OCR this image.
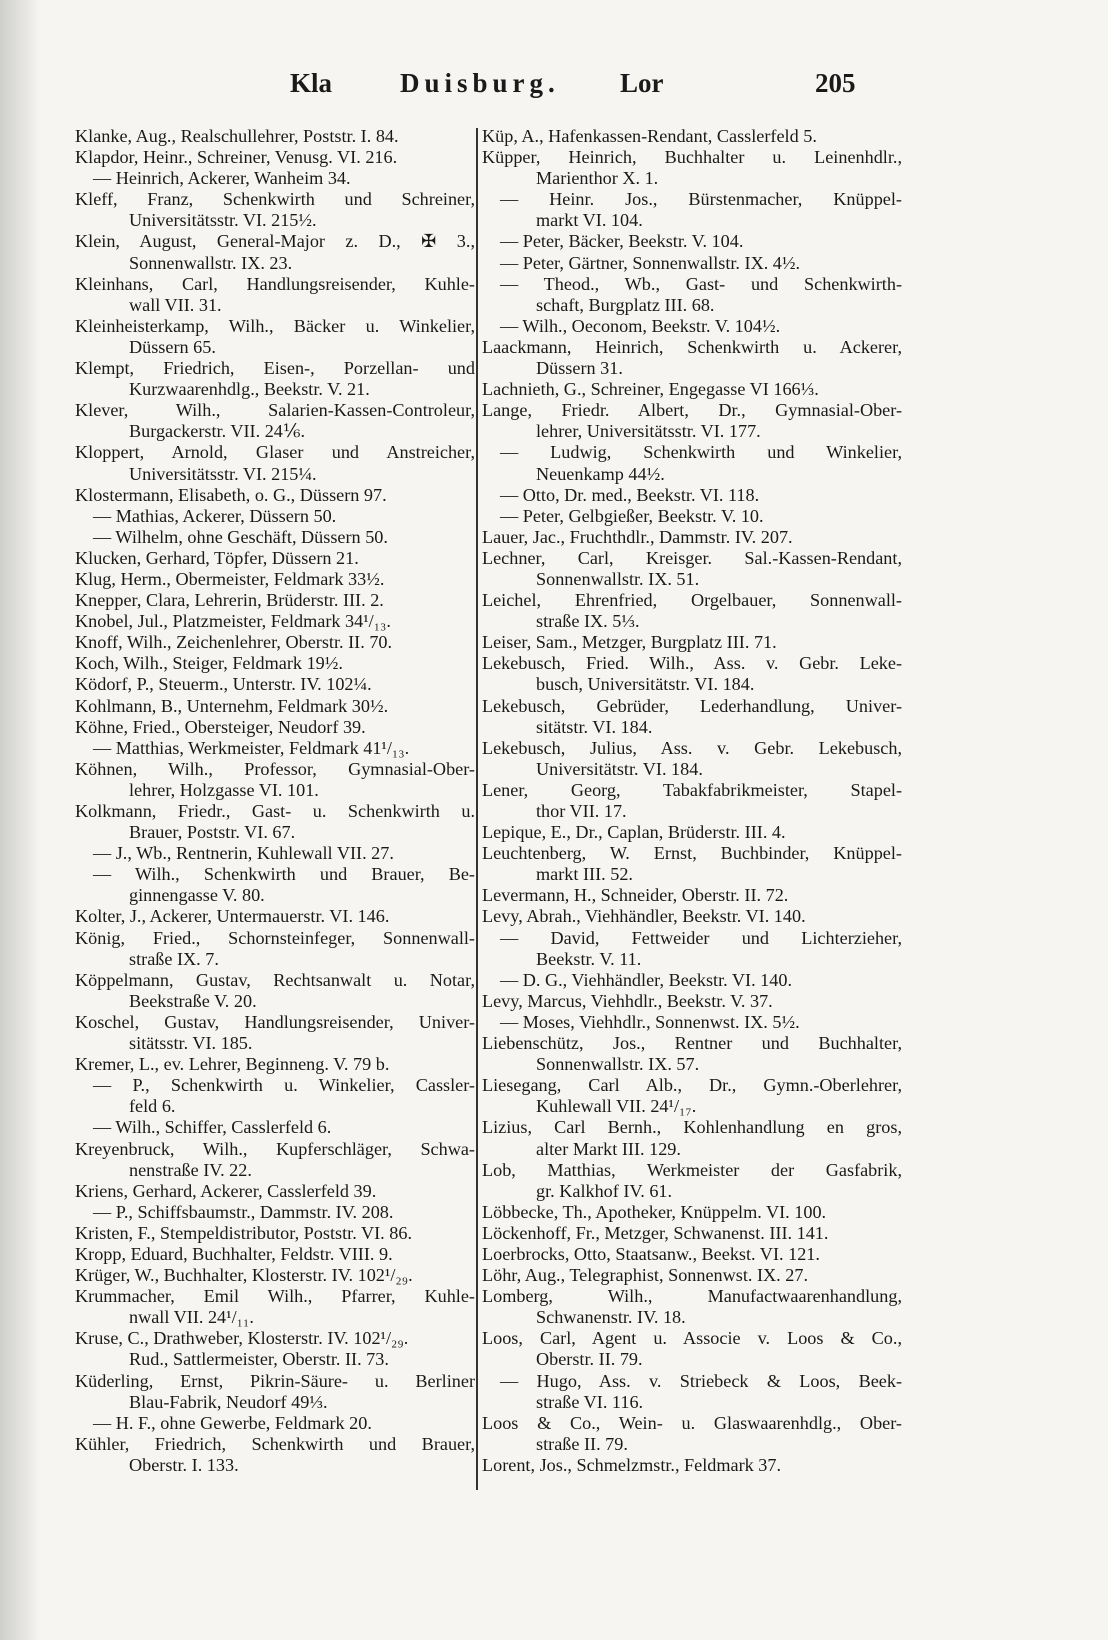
Kla	Duisburg. Lor	205
Klanke, Aug., Realschullehrer, Poststr. I. 84.
Klapdor, Heinr., Schreiner, Venusg. VI. 216.
— Heinrich, Ackerer, Wanheim 34.
Kleff, Franz, Schenkwirth und Schreiner,
Universitätsstr. VI. 215½.
Klein, August, General-Major z. D., ✠ 3.,
Sonnenwallstr. IX. 23.
Kleinhans, Carl, Handlungsreisender, Kuhle-
wall VII. 31.
Kleinheisterkamp, Wilh., Bäcker u. Winkelier,
Düssern 65.
Klempt, Friedrich, Eisen-, Porzellan- und
Kurzwaarenhdlg., Beekstr. V. 21.
Klever, Wilh., Salarien-Kassen-Controleur,
Burgackerstr. VII. 24⅙.
Kloppert, Arnold, Glaser und Anstreicher,
Universitätsstr. VI. 215¼.
Klostermann, Elisabeth, o. G., Düssern 97.
— Mathias, Ackerer, Düssern 50.
— Wilhelm, ohne Geschäft, Düssern 50.
Klucken, Gerhard, Töpfer, Düssern 21.
Klug, Herm., Obermeister, Feldmark 33½.
Knepper, Clara, Lehrerin, Brüderstr. III. 2.
Knobel, Jul., Platzmeister, Feldmark 34¹/₁₃.
Knoff, Wilh., Zeichenlehrer, Oberstr. II. 70.
Koch, Wilh., Steiger, Feldmark 19½.
Ködorf, P., Steuerm., Unterstr. IV. 102¼.
Kohlmann, B., Unternehm, Feldmark 30½.
Köhne, Fried., Obersteiger, Neudorf 39.
— Matthias, Werkmeister, Feldmark 41¹/₁₃.
Köhnen, Wilh., Professor, Gymnasial-Ober-
lehrer, Holzgasse VI. 101.
Kolkmann, Friedr., Gast- u. Schenkwirth u.
Brauer, Poststr. VI. 67.
— J., Wb., Rentnerin, Kuhlewall VII. 27.
— Wilh., Schenkwirth und Brauer, Be-
ginnengasse V. 80.
Kolter, J., Ackerer, Untermauerstr. VI. 146.
König, Fried., Schornsteinfeger, Sonnenwall-
straße IX. 7.
Köppelmann, Gustav, Rechtsanwalt u. Notar,
Beekstraße V. 20.
Koschel, Gustav, Handlungsreisender, Univer-
sitätsstr. VI. 185.
Kremer, L., ev. Lehrer, Beginneng. V. 79 b.
— P., Schenkwirth u. Winkelier, Cassler-
feld 6.
— Wilh., Schiffer, Casslerfeld 6.
Kreyenbruck, Wilh., Kupferschläger, Schwa-
nenstraße IV. 22.
Kriens, Gerhard, Ackerer, Casslerfeld 39.
— P., Schiffsbaumstr., Dammstr. IV. 208.
Kristen, F., Stempeldistributor, Poststr. VI. 86.
Kropp, Eduard, Buchhalter, Feldstr. VIII. 9.
Krüger, W., Buchhalter, Klosterstr. IV. 102¹/₂₉.
Krummacher, Emil Wilh., Pfarrer, Kuhle-
nwall VII. 24¹/₁₁.
Kruse, C., Drathweber, Klosterstr. IV. 102¹/₂₉.
Rud., Sattlermeister, Oberstr. II. 73.
Küderling, Ernst, Pikrin-Säure- u. Berliner
Blau-Fabrik, Neudorf 49⅓.
— H. F., ohne Gewerbe, Feldmark 20.
Kühler, Friedrich, Schenkwirth und Brauer,
Oberstr. I. 133.
Küp, A., Hafenkassen-Rendant, Casslerfeld 5.
Küpper, Heinrich, Buchhalter u. Leinenhdlr.,
Marienthor X. 1.
— Heinr. Jos., Bürstenmacher, Knüppel-
markt VI. 104.
— Peter, Bäcker, Beekstr. V. 104.
— Peter, Gärtner, Sonnenwallstr. IX. 4½.
— Theod., Wb., Gast- und Schenkwirth-
schaft, Burgplatz III. 68.
— Wilh., Oeconom, Beekstr. V. 104½.
Laackmann, Heinrich, Schenkwirth u. Ackerer,
Düssern 31.
Lachnieth, G., Schreiner, Engegasse VI 166⅓.
Lange, Friedr. Albert, Dr., Gymnasial-Ober-
lehrer, Universitätsstr. VI. 177.
— Ludwig, Schenkwirth und Winkelier,
Neuenkamp 44½.
— Otto, Dr. med., Beekstr. VI. 118.
— Peter, Gelbgießer, Beekstr. V. 10.
Lauer, Jac., Fruchthdlr., Dammstr. IV. 207.
Lechner, Carl, Kreisger. Sal.-Kassen-Rendant,
Sonnenwallstr. IX. 51.
Leichel, Ehrenfried, Orgelbauer, Sonnenwall-
straße IX. 5⅓.
Leiser, Sam., Metzger, Burgplatz III. 71.
Lekebusch, Fried. Wilh., Ass. v. Gebr. Leke-
busch, Universitätstr. VI. 184.
Lekebusch, Gebrüder, Lederhandlung, Univer-
sitätstr. VI. 184.
Lekebusch, Julius, Ass. v. Gebr. Lekebusch,
Universitätstr. VI. 184.
Lener, Georg, Tabakfabrikmeister, Stapel-
thor VII. 17.
Lepique, E., Dr., Caplan, Brüderstr. III. 4.
Leuchtenberg, W. Ernst, Buchbinder, Knüppel-
markt III. 52.
Levermann, H., Schneider, Oberstr. II. 72.
Levy, Abrah., Viehhändler, Beekstr. VI. 140.
— David, Fettweider und Lichterzieher,
Beekstr. V. 11.
— D. G., Viehhändler, Beekstr. VI. 140.
Levy, Marcus, Viehhdlr., Beekstr. V. 37.
— Moses, Viehhdlr., Sonnenwst. IX. 5½.
Liebenschütz, Jos., Rentner und Buchhalter,
Sonnenwallstr. IX. 57.
Liesegang, Carl Alb., Dr., Gymn.-Oberlehrer,
Kuhlewall VII. 24¹/₁₇.
Lizius, Carl Bernh., Kohlenhandlung en gros,
alter Markt III. 129.
Lob, Matthias, Werkmeister der Gasfabrik,
gr. Kalkhof IV. 61.
Löbbecke, Th., Apotheker, Knüppelm. VI. 100.
Löckenhoff, Fr., Metzger, Schwanenst. III. 141.
Loerbrocks, Otto, Staatsanw., Beekst. VI. 121.
Löhr, Aug., Telegraphist, Sonnenwst. IX. 27.
Lomberg, Wilh., Manufactwaarenhandlung,
Schwanenstr. IV. 18.
Loos, Carl, Agent u. Associe v. Loos & Co.,
Oberstr. II. 79.
— Hugo, Ass. v. Striebeck & Loos, Beek-
straße VI. 116.
Loos & Co., Wein- u. Glaswaarenhdlg., Ober-
straße II. 79.
Lorent, Jos., Schmelzmstr., Feldmark 37.
